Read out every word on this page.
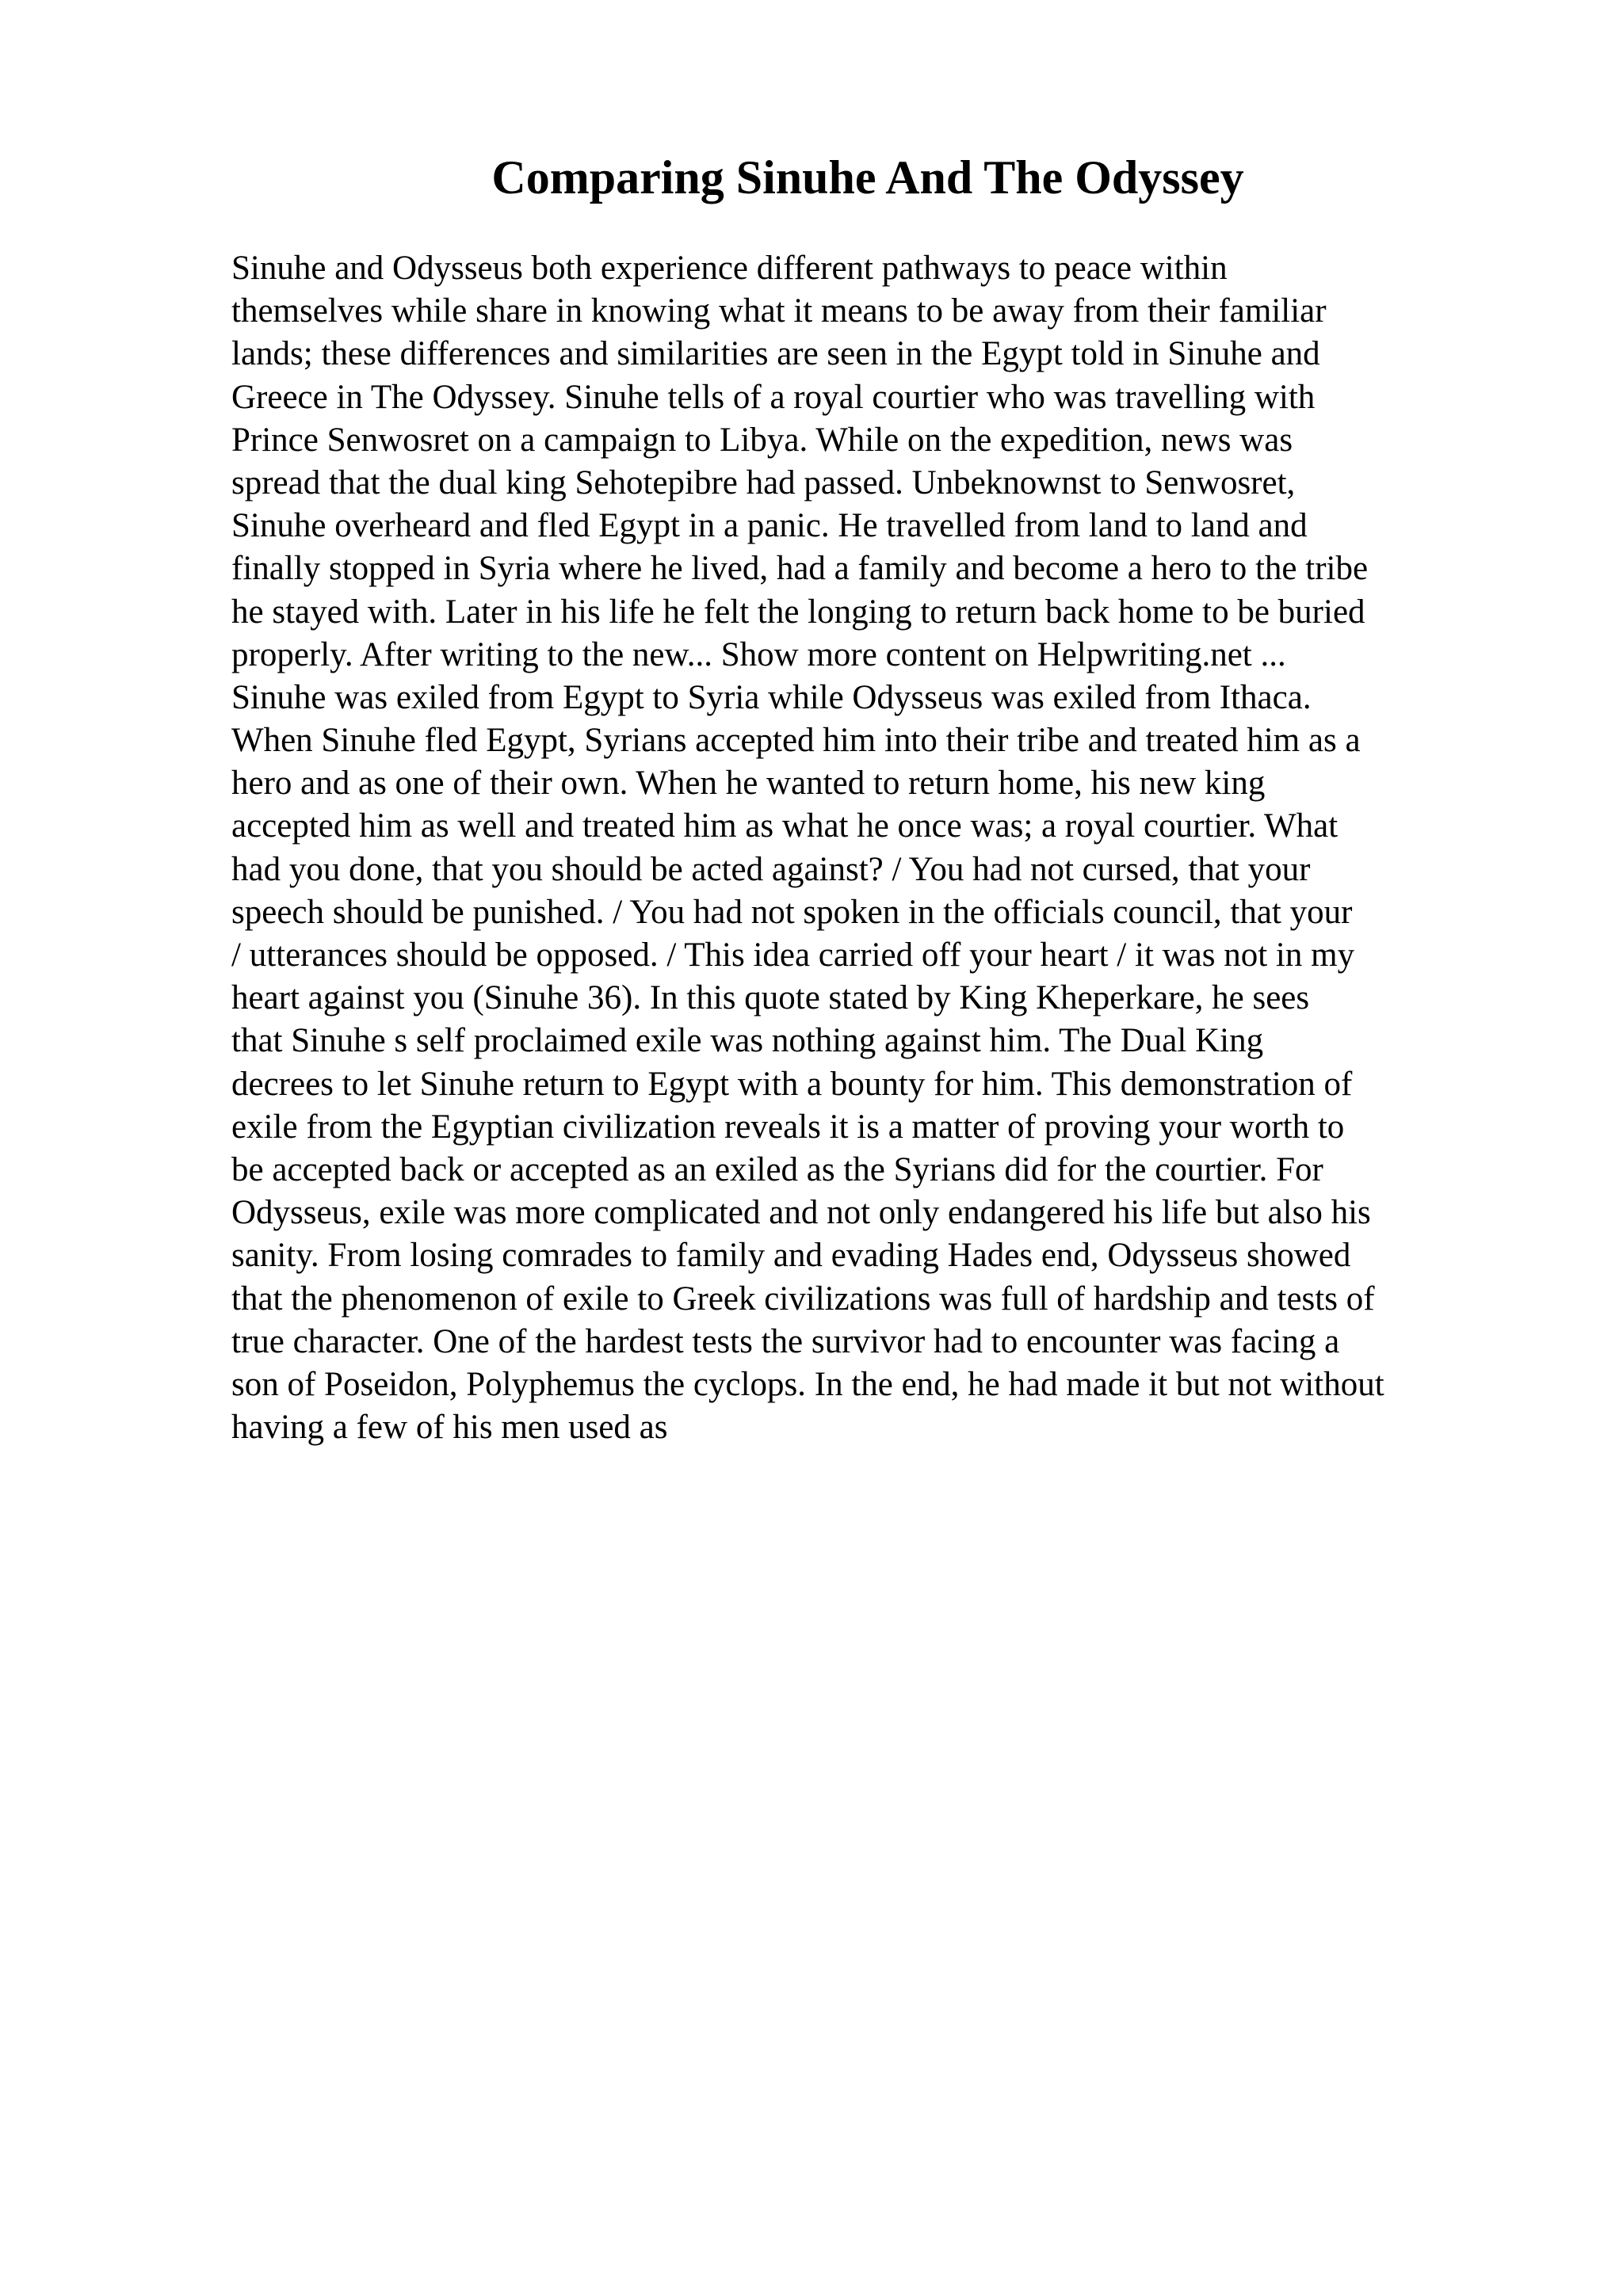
Comparing Sinuhe And The Odyssey
Sinuhe and Odysseus both experience different pathways to peace within
themselves while share in knowing what it means to be away from their familiar
lands; these differences and similarities are seen in the Egypt told in Sinuhe and
Greece in The Odyssey. Sinuhe tells of a royal courtier who was travelling with
Prince Senwosret on a campaign to Libya. While on the expedition, news was
spread that the dual king Sehotepibre had passed. Unbeknownst to Senwosret,
Sinuhe overheard and fled Egypt in a panic. He travelled from land to land and
finally stopped in Syria where he lived, had a family and become a hero to the tribe
he stayed with. Later in his life he felt the longing to return back home to be buried
properly. After writing to the new... Show more content on Helpwriting.net ...
Sinuhe was exiled from Egypt to Syria while Odysseus was exiled from Ithaca.
When Sinuhe fled Egypt, Syrians accepted him into their tribe and treated him as a
hero and as one of their own. When he wanted to return home, his new king
accepted him as well and treated him as what he once was; a royal courtier. What
had you done, that you should be acted against? / You had not cursed, that your
speech should be punished. / You had not spoken in the officials council, that your
/ utterances should be opposed. / This idea carried off your heart / it was not in my
heart against you (Sinuhe 36). In this quote stated by King Kheperkare, he sees
that Sinuhe s self proclaimed exile was nothing against him. The Dual King
decrees to let Sinuhe return to Egypt with a bounty for him. This demonstration of
exile from the Egyptian civilization reveals it is a matter of proving your worth to
be accepted back or accepted as an exiled as the Syrians did for the courtier. For
Odysseus, exile was more complicated and not only endangered his life but also his
sanity. From losing comrades to family and evading Hades end, Odysseus showed
that the phenomenon of exile to Greek civilizations was full of hardship and tests of
true character. One of the hardest tests the survivor had to encounter was facing a
son of Poseidon, Polyphemus the cyclops. In the end, he had made it but not without
having a few of his men used as
